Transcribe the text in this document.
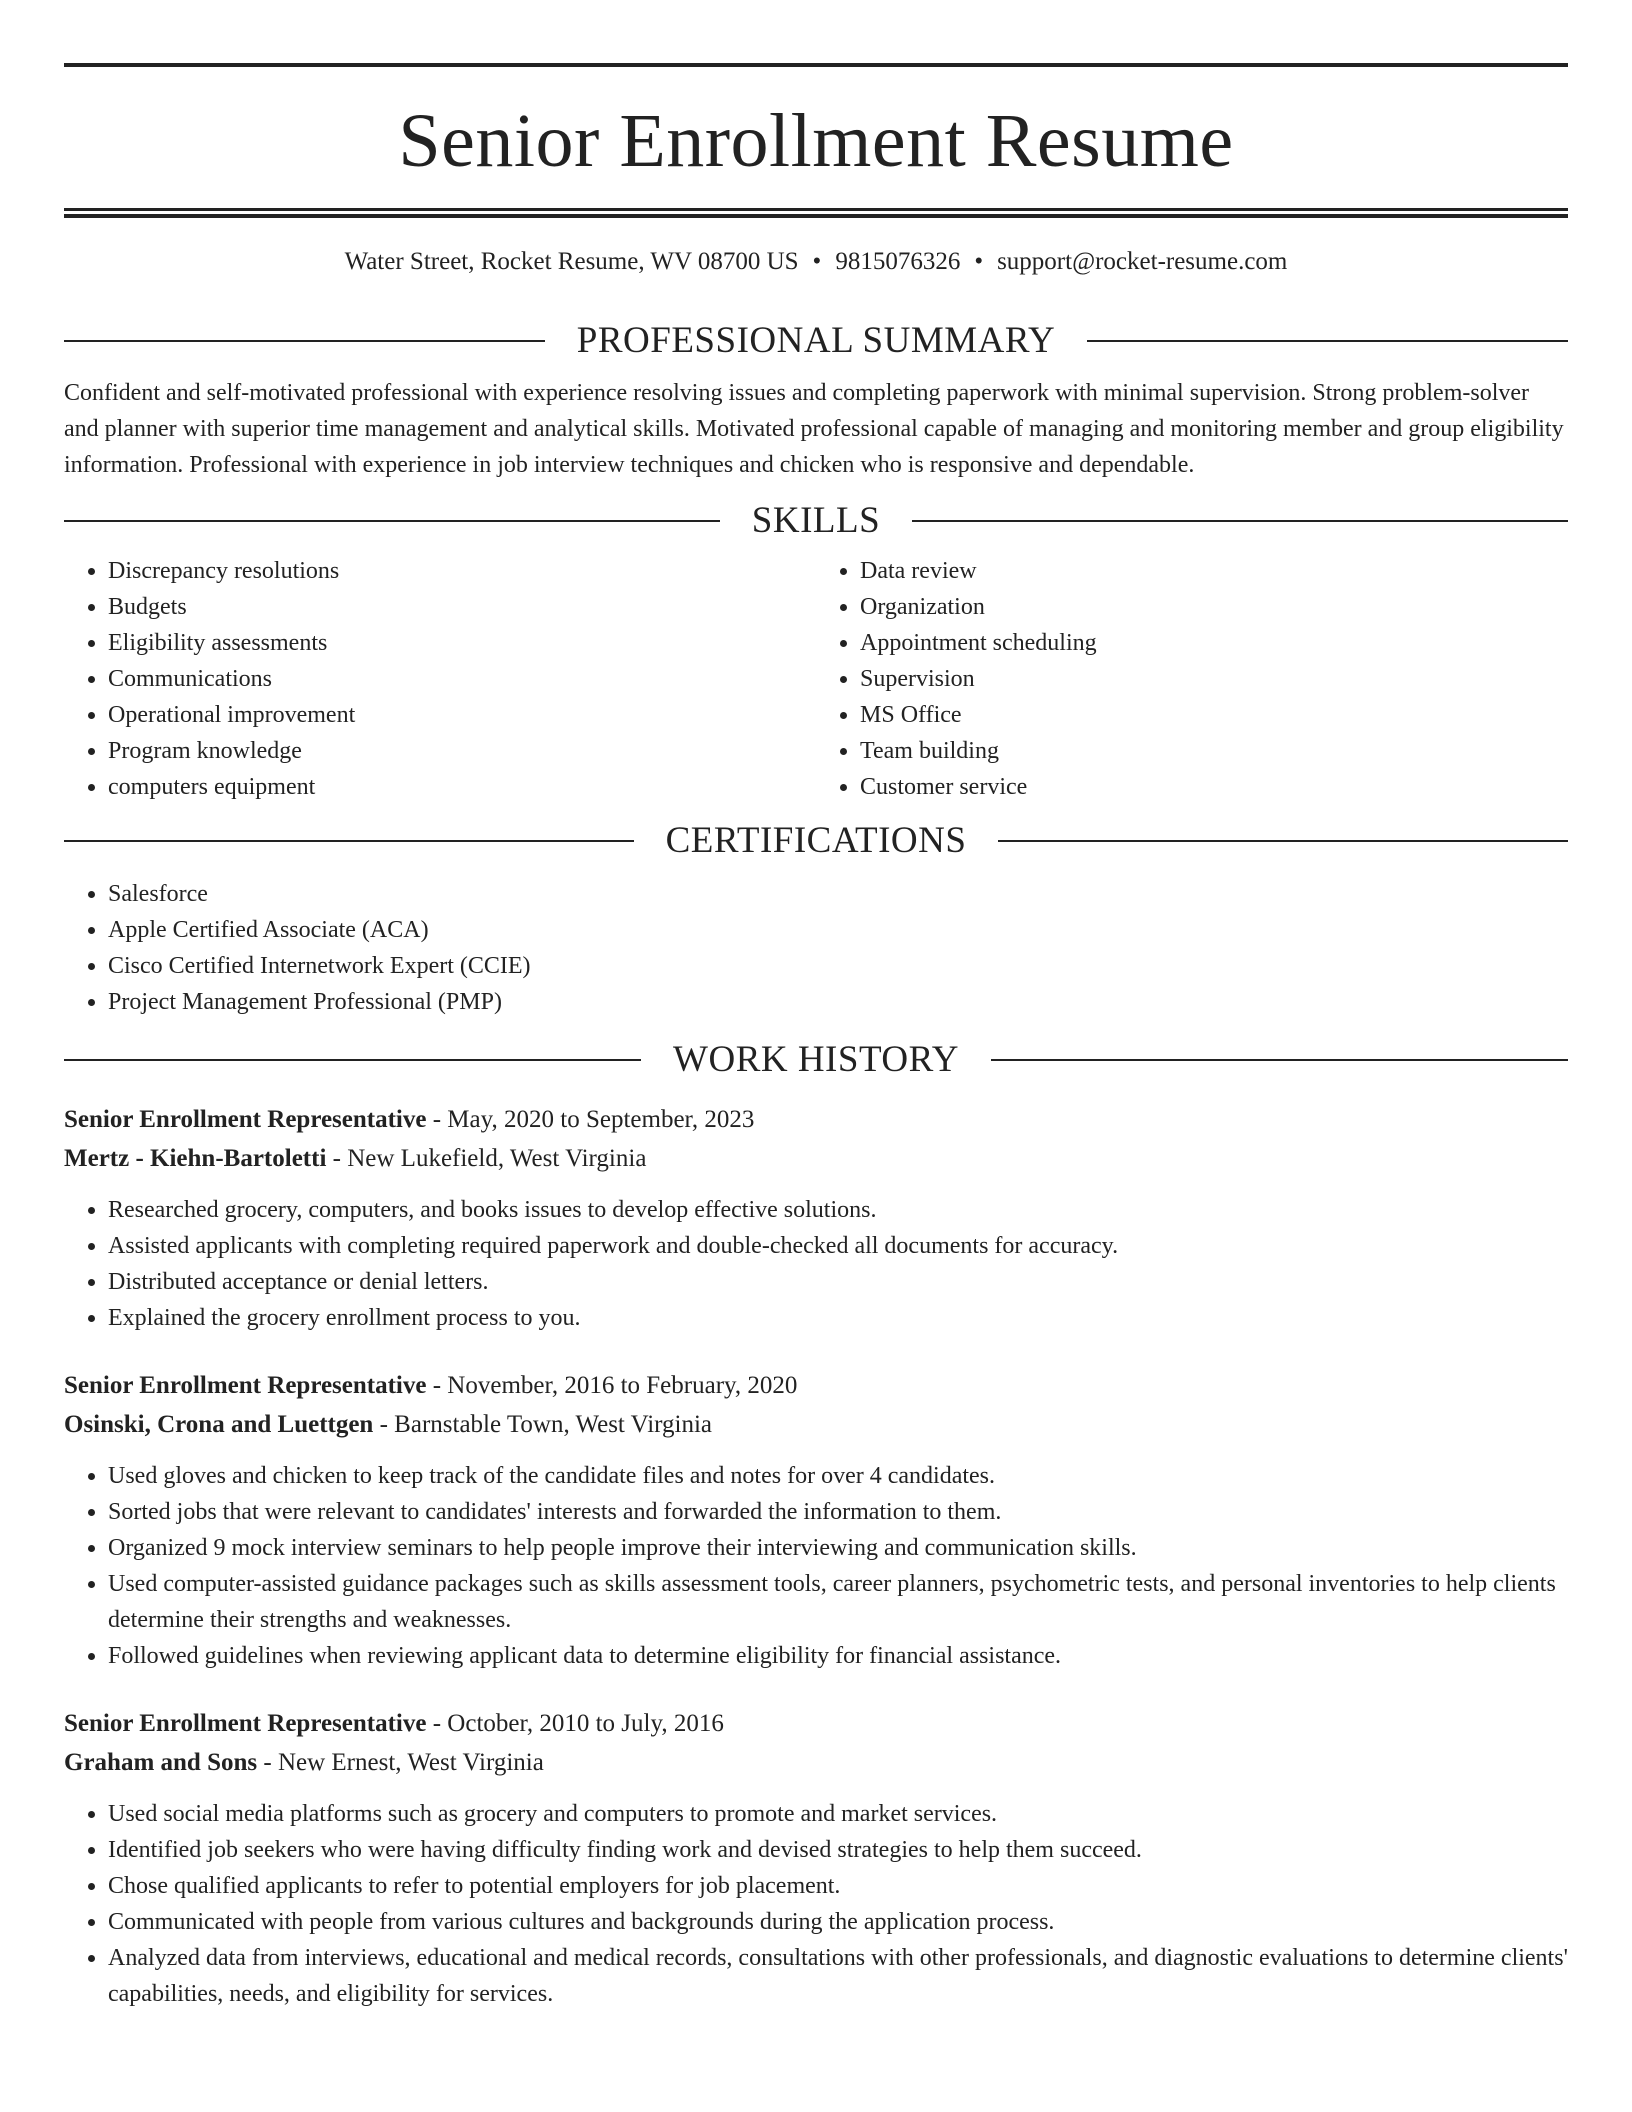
Senior Enrollment Resume
Water Street, Rocket Resume, WV 08700 US • 9815076326 • support@rocket-resume.com
PROFESSIONAL SUMMARY

Confident and self-motivated professional with experience resolving issues and completing paperwork with minimal supervision. Strong problem-solver and planner with superior time management and analytical skills. Motivated professional capable of managing and monitoring member and group eligibility information. Professional with experience in job interview techniques and chicken who is responsive and dependable.

SKILLS
• Discrepancy resolutions
• Budgets
• Eligibility assessments
• Communications
• Operational improvement
• Program knowledge
• computers equipment
• Data review
• Organization
• Appointment scheduling
• Supervision
• MS Office
• Team building
• Customer service
CERTIFICATIONS
• Salesforce
• Apple Certified Associate (ACA)
• Cisco Certified Internetwork Expert (CCIE)
• Project Management Professional (PMP)
WORK HISTORY
Senior Enrollment Representative - May, 2020 to September, 2023
Mertz - Kiehn-Bartoletti - New Lukefield, West Virginia
• Researched grocery, computers, and books issues to develop effective solutions.
• Assisted applicants with completing required paperwork and double-checked all documents for accuracy.
• Distributed acceptance or denial letters.
• Explained the grocery enrollment process to you.
Senior Enrollment Representative - November, 2016 to February, 2020
Osinski, Crona and Luettgen - Barnstable Town, West Virginia
• Used gloves and chicken to keep track of the candidate files and notes for over 4 candidates.
• Sorted jobs that were relevant to candidates' interests and forwarded the information to them.
• Organized 9 mock interview seminars to help people improve their interviewing and communication skills.
• Used computer-assisted guidance packages such as skills assessment tools, career planners, psychometric tests, and personal inventories to help clients determine their strengths and weaknesses.
• Followed guidelines when reviewing applicant data to determine eligibility for financial assistance.
Senior Enrollment Representative - October, 2010 to July, 2016
Graham and Sons - New Ernest, West Virginia
• Used social media platforms such as grocery and computers to promote and market services.
• Identified job seekers who were having difficulty finding work and devised strategies to help them succeed.
• Chose qualified applicants to refer to potential employers for job placement.
• Communicated with people from various cultures and backgrounds during the application process.
• Analyzed data from interviews, educational and medical records, consultations with other professionals, and diagnostic evaluations to determine clients' capabilities, needs, and eligibility for services.
